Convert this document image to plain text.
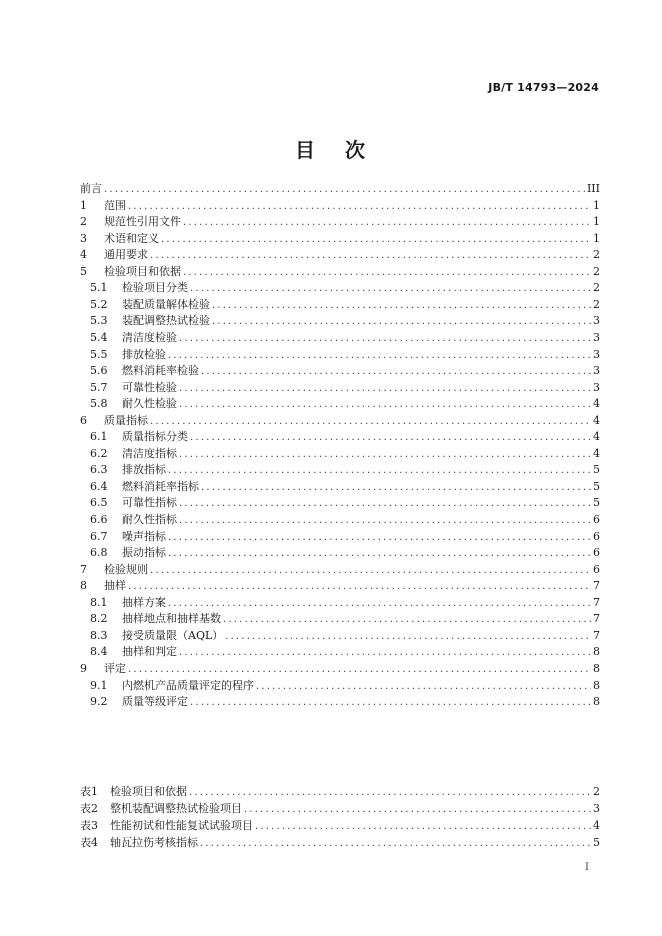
JB/T 14793—2024
目 次
前言 .....	III
1	范围 .....	1
2	规范性引用文件 .....	1
3	术语和定义 .....	1
4	通用要求 .....	2
5	检验项目和依据 .....	2
5.1	检验项目分类 .....	2
5.2	装配质量解体检验 .....	2
5.3	装配调整热试检验 .....	3
5.4	清洁度检验 .....	3
5.5	排放检验 .....	3
5.6	燃料消耗率检验 .....	3
5.7	可靠性检验 .....	3
5.8	耐久性检验 .....	4
6	质量指标 .....	4
6.1	质量指标分类 .....	4
6.2	清洁度指标 .....	4
6.3	排放指标 .....	5
6.4	燃料消耗率指标 .....	5
6.5	可靠性指标 .....	5
6.6	耐久性指标 .....	6
6.7	噪声指标 .....	6
6.8	振动指标 .....	6
7	检验规则 .....	6
8	抽样 .....	7
8.1	抽样方案 .....	7
8.2	抽样地点和抽样基数 .....	7
8.3	接受质量限（AQL） .....	7
8.4	抽样和判定 .....	8
9	评定 .....	8
9.1	内燃机产品质量评定的程序 .....	8
9.2	质量等级评定 .....	8
表1	检验项目和依据 .....	2
表2	整机装配调整热试检验项目 .....	3
表3	性能初试和性能复试试验项目 .....	4
表4	轴瓦拉伤考核指标 .....	5
I
